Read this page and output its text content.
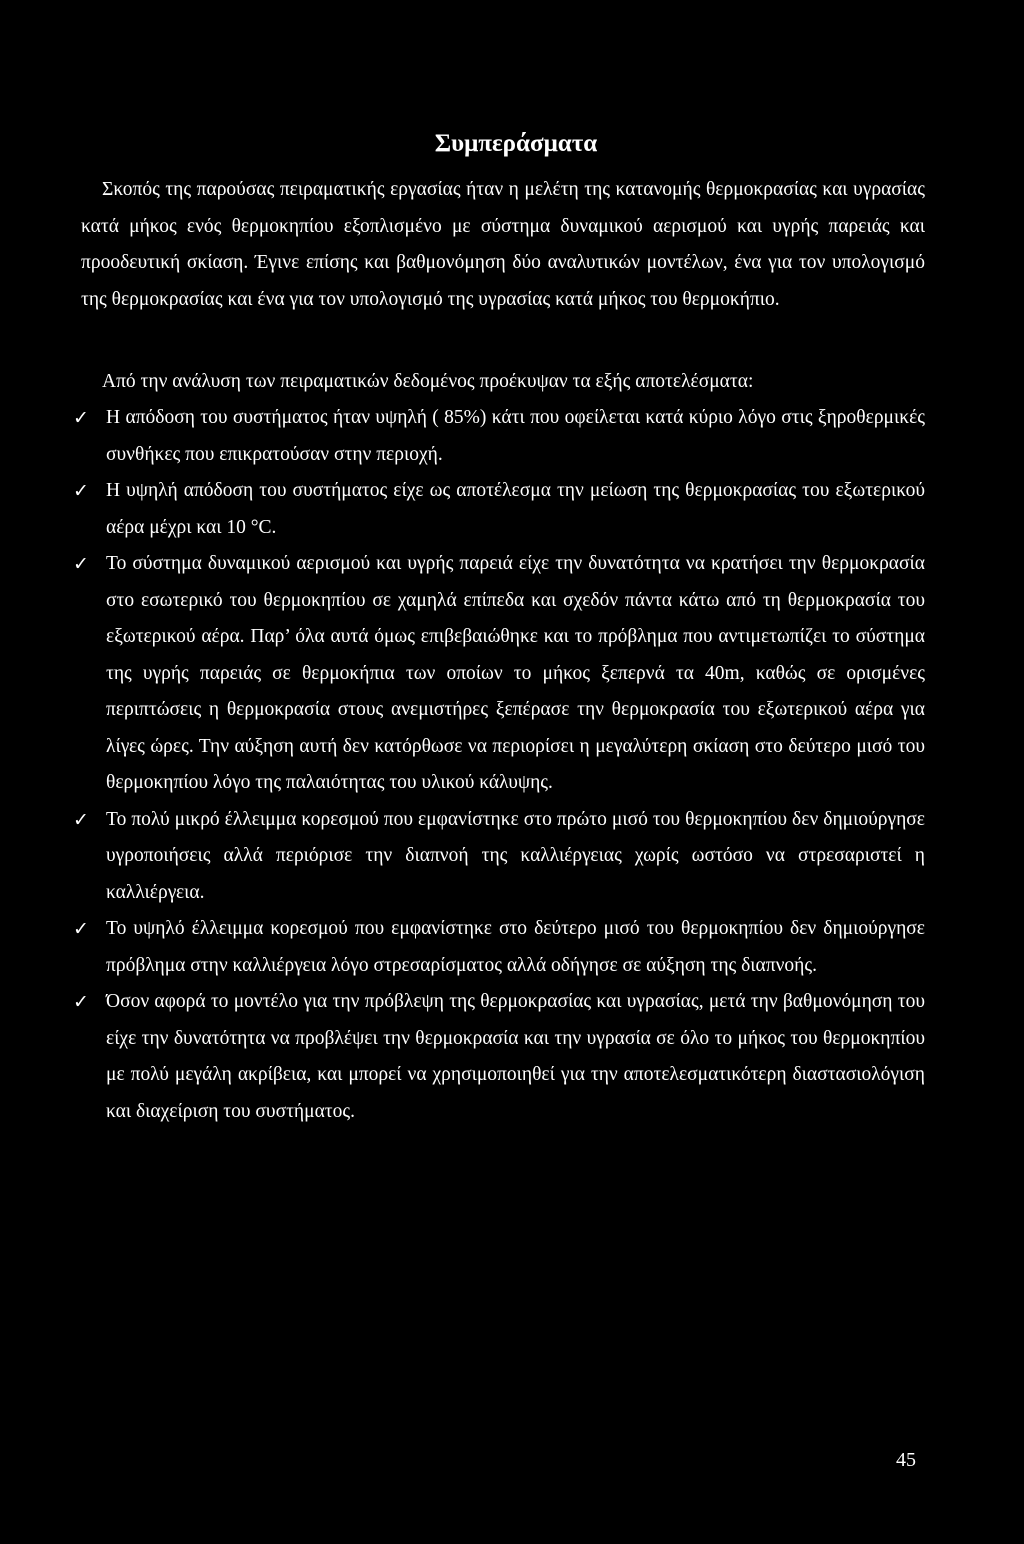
Συμπεράσματα

Σκοπός της παρούσας πειραματικής εργασίας ήταν η μελέτη της κατανομής θερμοκρασίας και υγρασίας κατά μήκος ενός θερμοκηπίου εξοπλισμένο με σύστημα δυναμικού αερισμού και υγρής παρειάς και προοδευτική σκίαση. Έγινε επίσης και βαθμονόμηση δύο αναλυτικών μοντέλων, ένα για τον υπολογισμό της θερμοκρασίας και ένα για τον υπολογισμό της υγρασίας κατά μήκος του θερμοκήπιο.

Από την ανάλυση των πειραματικών δεδομένος προέκυψαν τα εξής αποτελέσματα:

✓ Η απόδοση του συστήματος ήταν υψηλή ( 85%) κάτι που οφείλεται κατά κύριο λόγο στις ξηροθερμικές συνθήκες που επικρατούσαν στην περιοχή.

✓ Η υψηλή απόδοση του συστήματος είχε ως αποτέλεσμα την μείωση της θερμοκρασίας του εξωτερικού αέρα μέχρι και 10 °C.

✓ Το σύστημα δυναμικού αερισμού και υγρής παρειά είχε την δυνατότητα να κρατήσει την θερμοκρασία στο εσωτερικό του θερμοκηπίου σε χαμηλά επίπεδα και σχεδόν πάντα κάτω από τη θερμοκρασία του εξωτερικού αέρα. Παρ’ όλα αυτά όμως επιβεβαιώθηκε και το πρόβλημα που αντιμετωπίζει το σύστημα της υγρής παρειάς σε θερμοκήπια των οποίων το μήκος ξεπερνά τα 40m, καθώς σε ορισμένες περιπτώσεις η θερμοκρασία στους ανεμιστήρες ξεπέρασε την θερμοκρασία του εξωτερικού αέρα για λίγες ώρες. Την αύξηση αυτή δεν κατόρθωσε να περιορίσει η μεγαλύτερη σκίαση στο δεύτερο μισό του θερμοκηπίου λόγο της παλαιότητας του υλικού κάλυψης.

✓ Το πολύ μικρό έλλειμμα κορεσμού που εμφανίστηκε στο πρώτο μισό του θερμοκηπίου δεν δημιούργησε υγροποιήσεις αλλά περιόρισε την διαπνοή της καλλιέργειας χωρίς ωστόσο να στρεσαριστεί η καλλιέργεια.

✓ Το υψηλό έλλειμμα κορεσμού που εμφανίστηκε στο δεύτερο μισό του θερμοκηπίου δεν δημιούργησε πρόβλημα στην καλλιέργεια λόγο στρεσαρίσματος αλλά οδήγησε σε αύξηση της διαπνοής.

✓ Όσον αφορά το μοντέλο για την πρόβλεψη της θερμοκρασίας και υγρασίας, μετά την βαθμονόμηση του είχε την δυνατότητα να προβλέψει την θερμοκρασία και την υγρασία σε όλο το μήκος του θερμοκηπίου με πολύ μεγάλη ακρίβεια, και μπορεί να χρησιμοποιηθεί για την αποτελεσματικότερη διαστασιολόγιση και διαχείριση του συστήματος.

45
